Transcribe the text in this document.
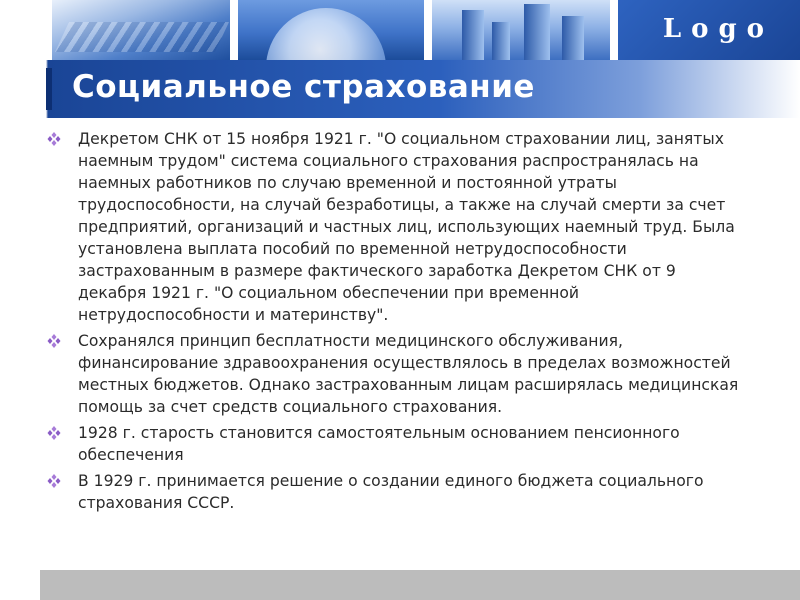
Logo
Социальное страхование
Декретом СНК от 15 ноября 1921 г. "О социальном страховании лиц, занятых наемным трудом" система социального страхования распространялась на наемных работников по случаю временной и постоянной утраты трудоспособности, на случай безработицы, а также на случай смерти за счет предприятий, организаций и частных лиц, использующих наемный труд. Была установлена выплата пособий по временной нетрудоспособности застрахованным в размере фактического заработка Декретом СНК от 9 декабря 1921 г. "О социальном обеспечении при временной нетрудоспособности и материнству".
Сохранялся принцип бесплатности медицинского обслуживания, финансирование здравоохранения осуществлялось в пределах возможностей местных бюджетов. Однако застрахованным лицам расширялась медицинская помощь за счет средств социального страхования.
1928 г. старость становится самостоятельным основанием пенсионного обеспечения
В 1929 г. принимается решение о создании единого бюджета социального страхования СССР.
